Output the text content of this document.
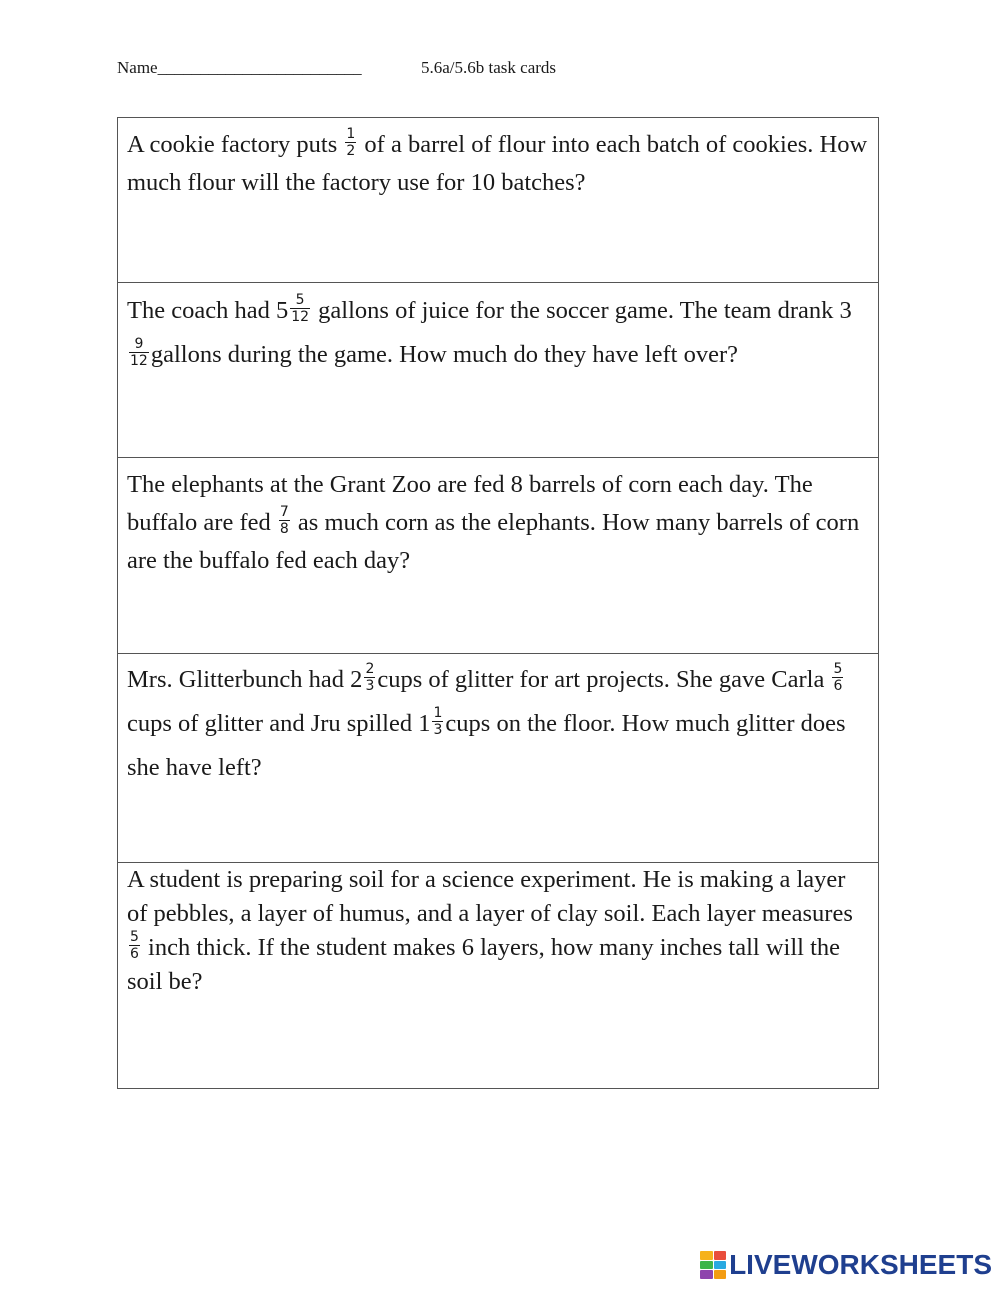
Name________________________	5.6a/5.6b task cards
A cookie factory puts $\frac{1}{2}$ of a barrel of flour into each batch of cookies. How much flour will the factory use for 10 batches?
The coach had $5 \frac{5}{12}$ gallons of juice for the soccer game. The team drank 3
$\frac{9}{12}$ gallons during the game. How much do they have left over?
The elephants at the Grant Zoo are fed 8 barrels of corn each day. The buffalo are fed $\frac{7}{8}$ as much corn as the elephants. How many barrels of corn are the buffalo fed each day?
Mrs. Glitterbunch had $2 \frac{2}{3}$ cups of glitter for art projects. She gave Carla $\frac{5}{6}$
cups of glitter and Jru spilled $1 \frac{1}{3}$ cups on the floor. How much glitter does she have left?
A student is preparing soil for a science experiment. He is making a layer of pebbles, a layer of humus, and a layer of clay soil. Each layer measures
$\frac{5}{6}$ inch thick. If the student makes 6 layers, how many inches tall will the soil be?
LIVEWORKSHEETS
